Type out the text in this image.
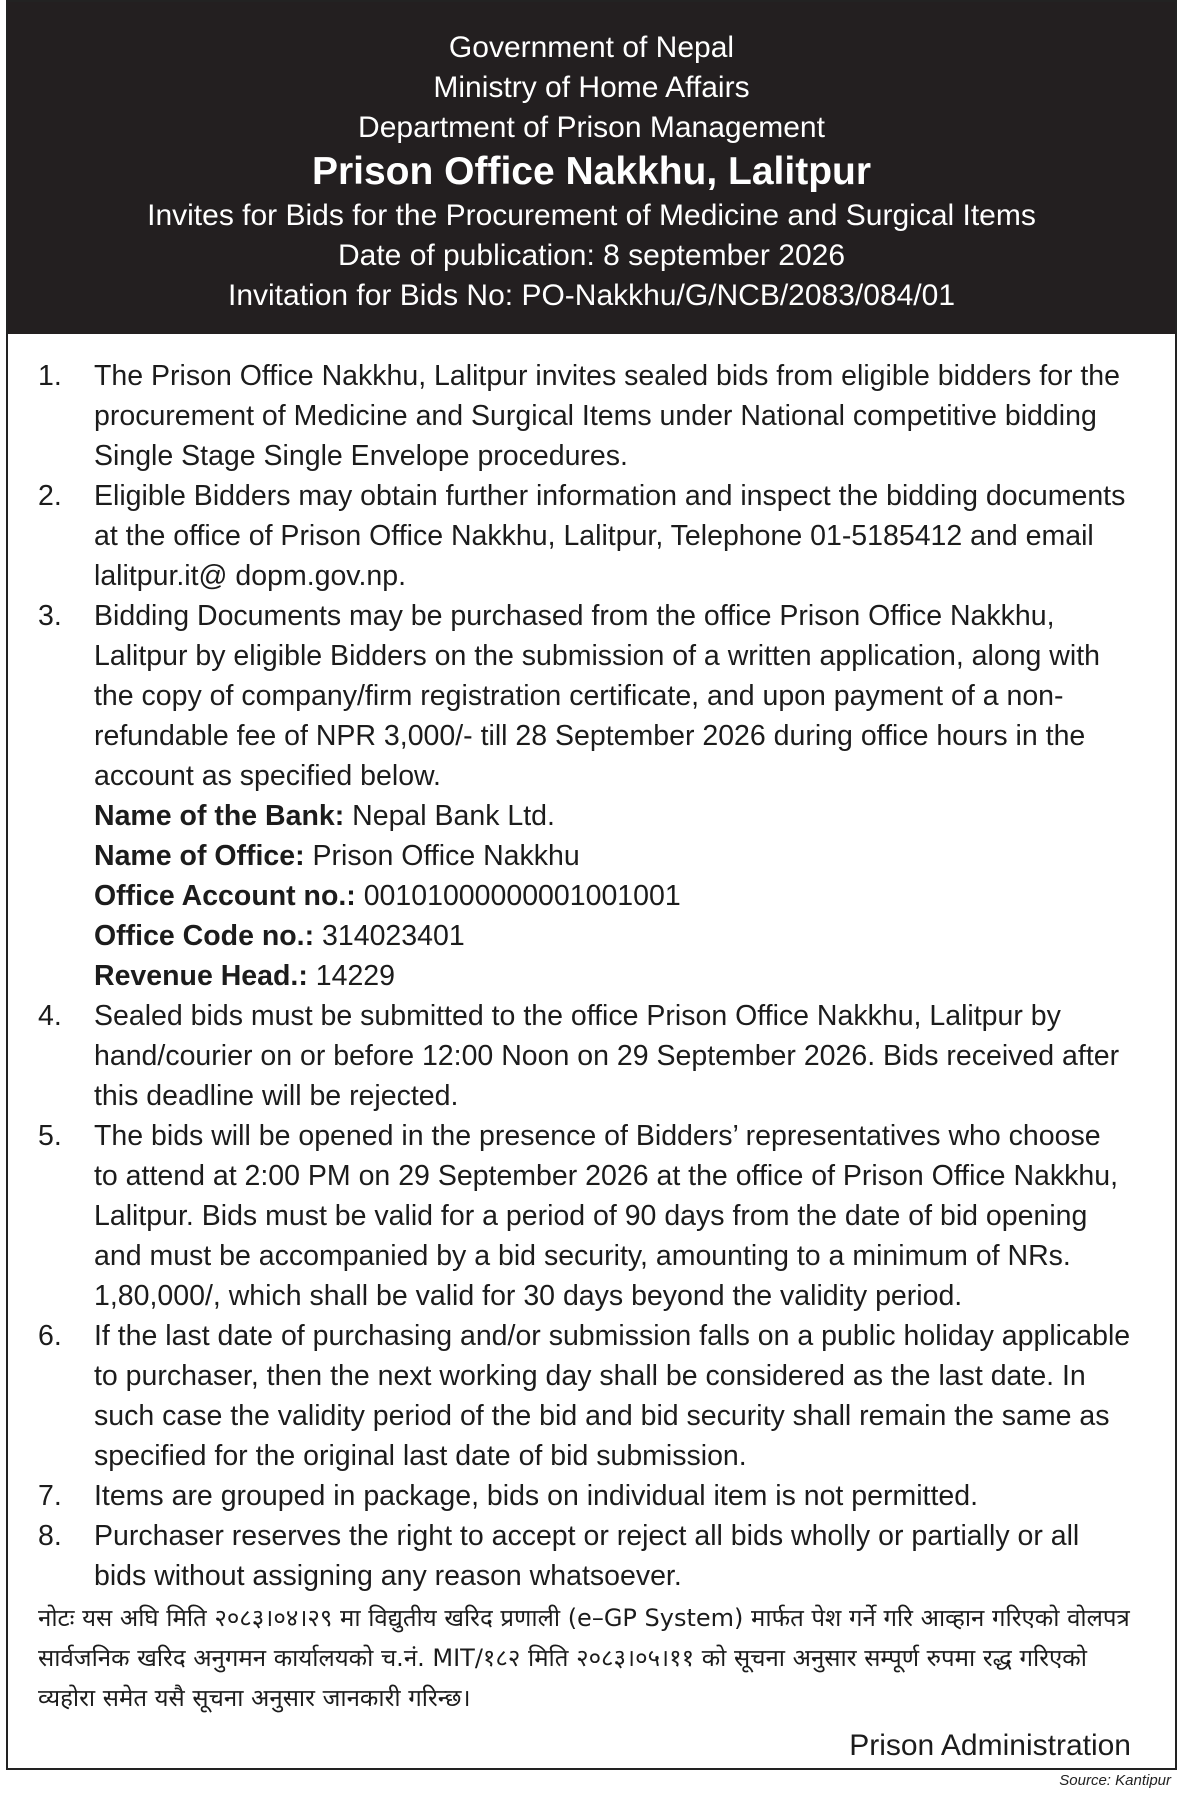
Government of Nepal
Ministry of Home Affairs
Department of Prison Management
Prison Office Nakkhu, Lalitpur
Invites for Bids for the Procurement of Medicine and Surgical Items
Date of publication: 8 september 2026
Invitation for Bids No: PO-Nakkhu/G/NCB/2083/084/01
1.	The Prison Office Nakkhu, Lalitpur invites sealed bids from eligible bidders for the procurement of Medicine and Surgical Items under National competitive bidding Single Stage Single Envelope procedures.
2.	Eligible Bidders may obtain further information and inspect the bidding documents at the office of Prison Office Nakkhu, Lalitpur, Telephone 01-5185412 and email lalitpur.it@ dopm.gov.np.
3.	Bidding Documents may be purchased from the office Prison Office Nakkhu, Lalitpur by eligible Bidders on the submission of a written application, along with the copy of company/firm registration certificate, and upon payment of a non-refundable fee of NPR 3,000/- till 28 September 2026 during office hours in the account as specified below.
Name of the Bank: Nepal Bank Ltd.
Name of Office: Prison Office Nakkhu
Office Account no.: 00101000000001001001
Office Code no.: 314023401
Revenue Head.: 14229
4.	Sealed bids must be submitted to the office Prison Office Nakkhu, Lalitpur by hand/courier on or before 12:00 Noon on 29 September 2026. Bids received after this deadline will be rejected.
5.	The bids will be opened in the presence of Bidders’ representatives who choose to attend at 2:00 PM on 29 September 2026 at the office of Prison Office Nakkhu, Lalitpur. Bids must be valid for a period of 90 days from the date of bid opening and must be accompanied by a bid security, amounting to a minimum of NRs. 1,80,000/, which shall be valid for 30 days beyond the validity period.
6.	If the last date of purchasing and/or submission falls on a public holiday applicable to purchaser, then the next working day shall be considered as the last date. In such case the validity period of the bid and bid security shall remain the same as specified for the original last date of bid submission.
7.	Items are grouped in package, bids on individual item is not permitted.
8.	Purchaser reserves the right to accept or reject all bids wholly or partially or all bids without assigning any reason whatsoever.
नोटः यस अघि मिति २०८३।०४।२९ मा विद्युतीय खरिद प्रणाली (e–GP System) मार्फत पेश गर्ने गरि आव्हान गरिएको वोलपत्र सार्वजनिक खरिद अनुगमन कार्यालयको च.नं. MIT/१८२ मिति २०८३।०५।११ को सूचना अनुसार सम्पूर्ण रुपमा रद्ध गरिएको व्यहोरा समेत यसै सूचना अनुसार जानकारी गरिन्छ।
Prison Administration
Source: Kantipur
